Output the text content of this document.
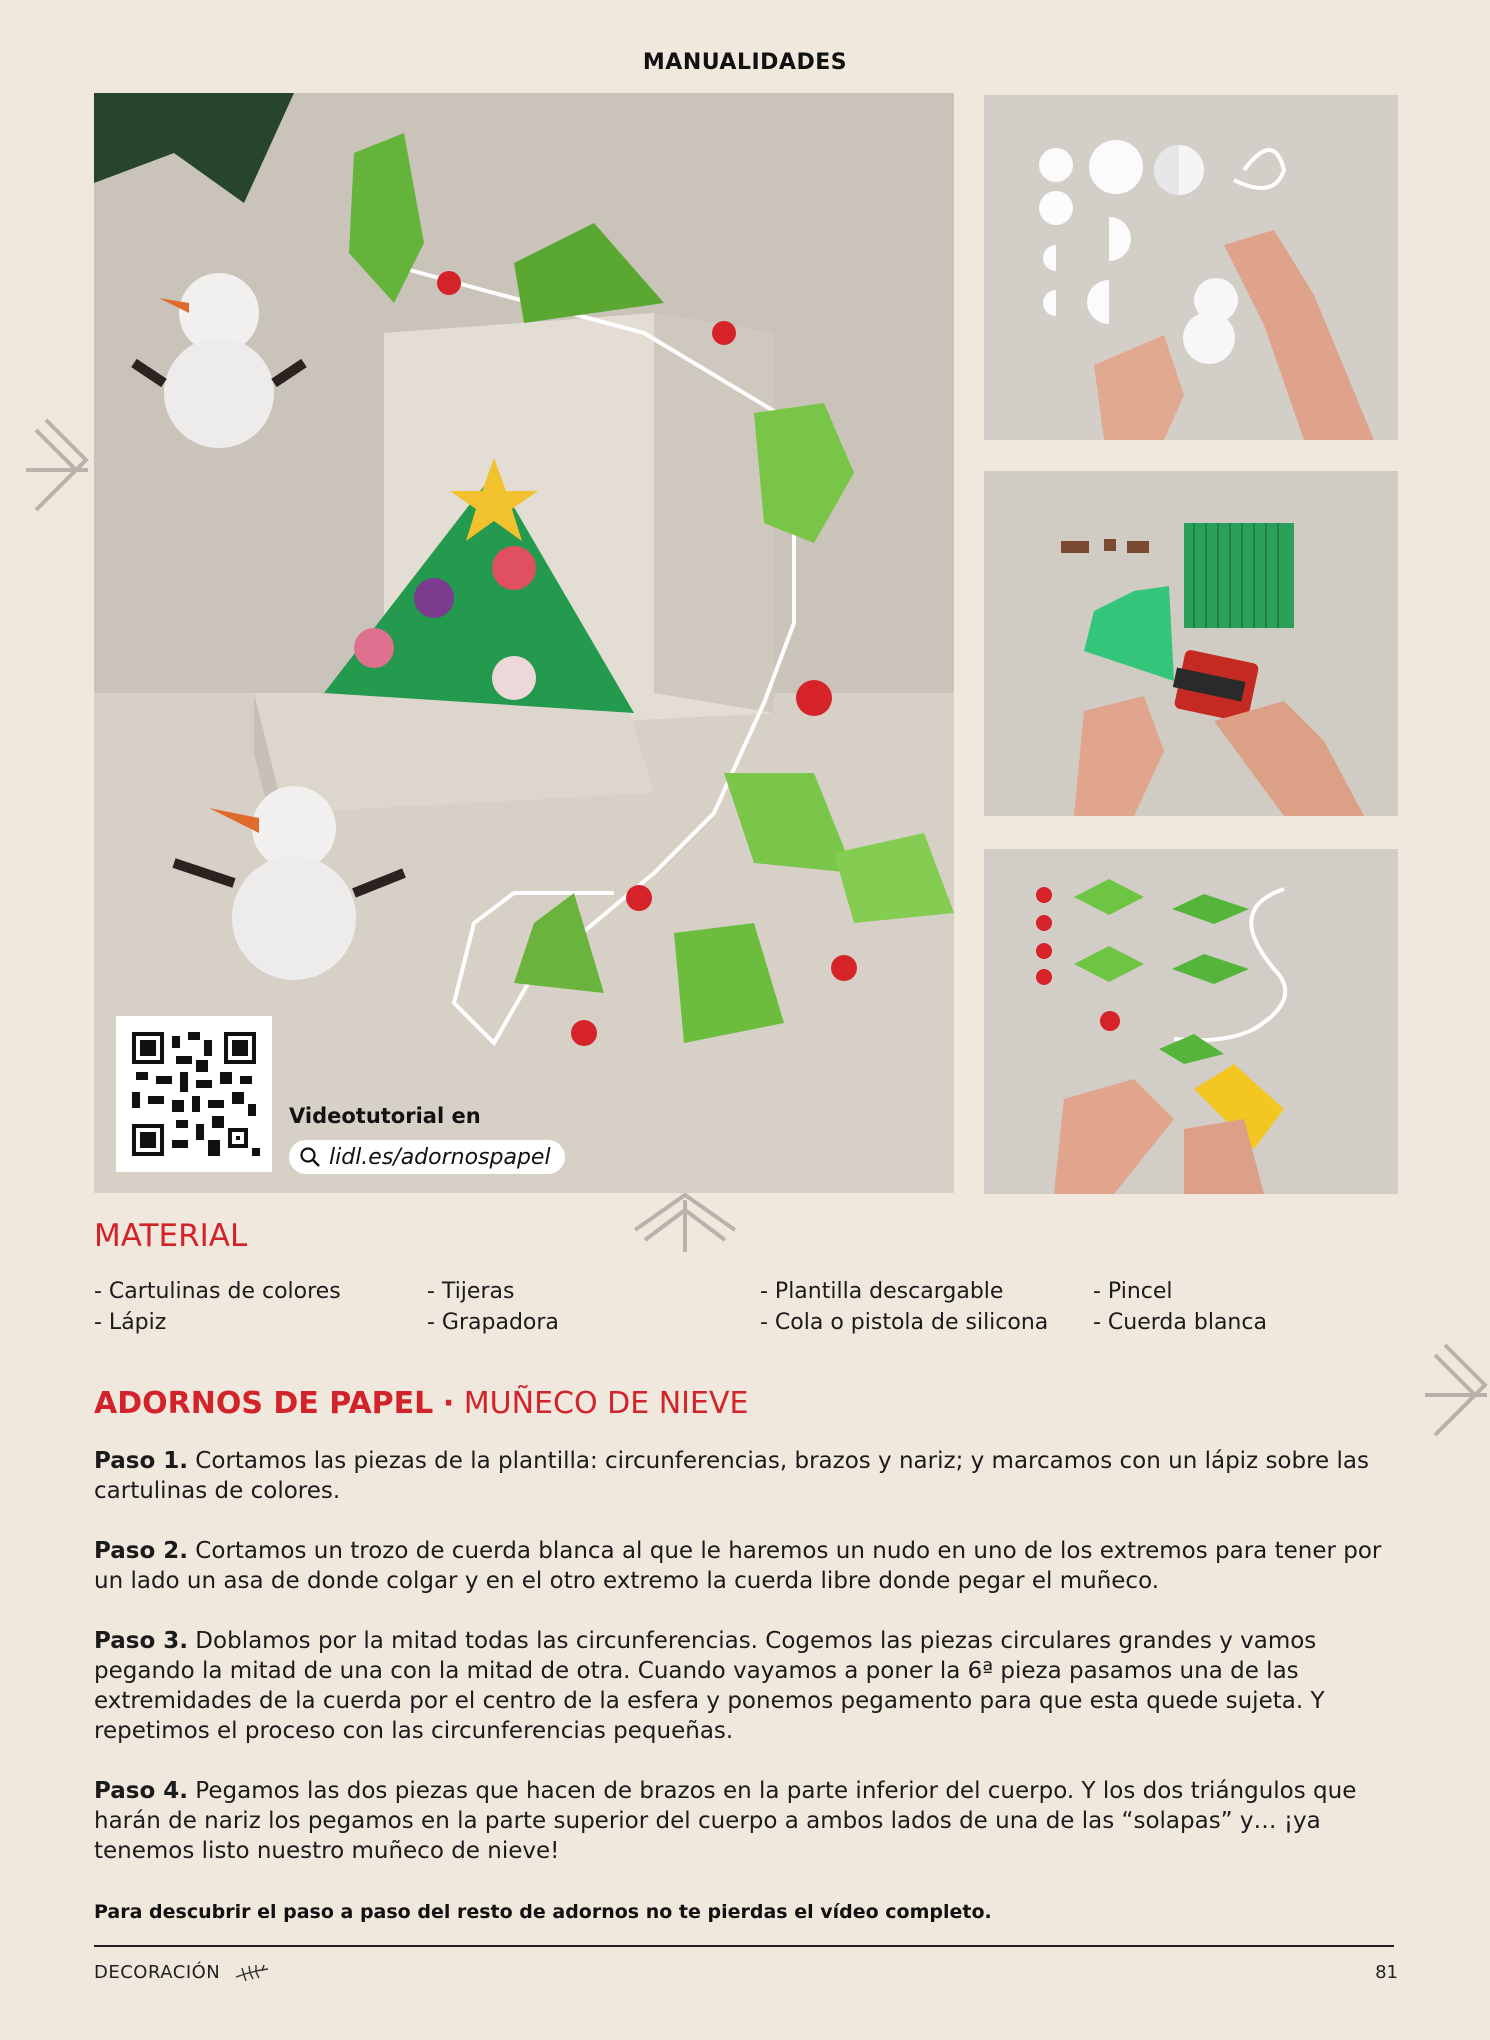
MANUALIDADES
Videotutorial en
lidl.es/adornospapel
MATERIAL
- Cartulinas de colores
- Lápiz
- Tijeras
- Grapadora
- Plantilla descargable
- Cola o pistola de silicona
- Pincel
- Cuerda blanca
ADORNOS DE PAPEL · MUÑECO DE NIEVE

Paso 1. Cortamos las piezas de la plantilla: circunferencias, brazos y nariz; y marcamos con un lápiz sobre las cartulinas de colores.

Paso 2. Cortamos un trozo de cuerda blanca al que le haremos un nudo en uno de los extremos para tener por un lado un asa de donde colgar y en el otro extremo la cuerda libre donde pegar el muñeco.

Paso 3. Doblamos por la mitad todas las circunferencias. Cogemos las piezas circulares grandes y vamos pegando la mitad de una con la mitad de otra. Cuando vayamos a poner la 6ª pieza pasamos una de las extremidades de la cuerda por el centro de la esfera y ponemos pegamento para que esta quede sujeta. Y repetimos el proceso con las circunferencias pequeñas.

Paso 4. Pegamos las dos piezas que hacen de brazos en la parte inferior del cuerpo. Y los dos triángulos que harán de nariz los pegamos en la parte superior del cuerpo a ambos lados de una de las “solapas” y… ¡ya tenemos listo nuestro muñeco de nieve!

Para descubrir el paso a paso del resto de adornos no te pierdas el vídeo completo.
DECORACIÓN	81
